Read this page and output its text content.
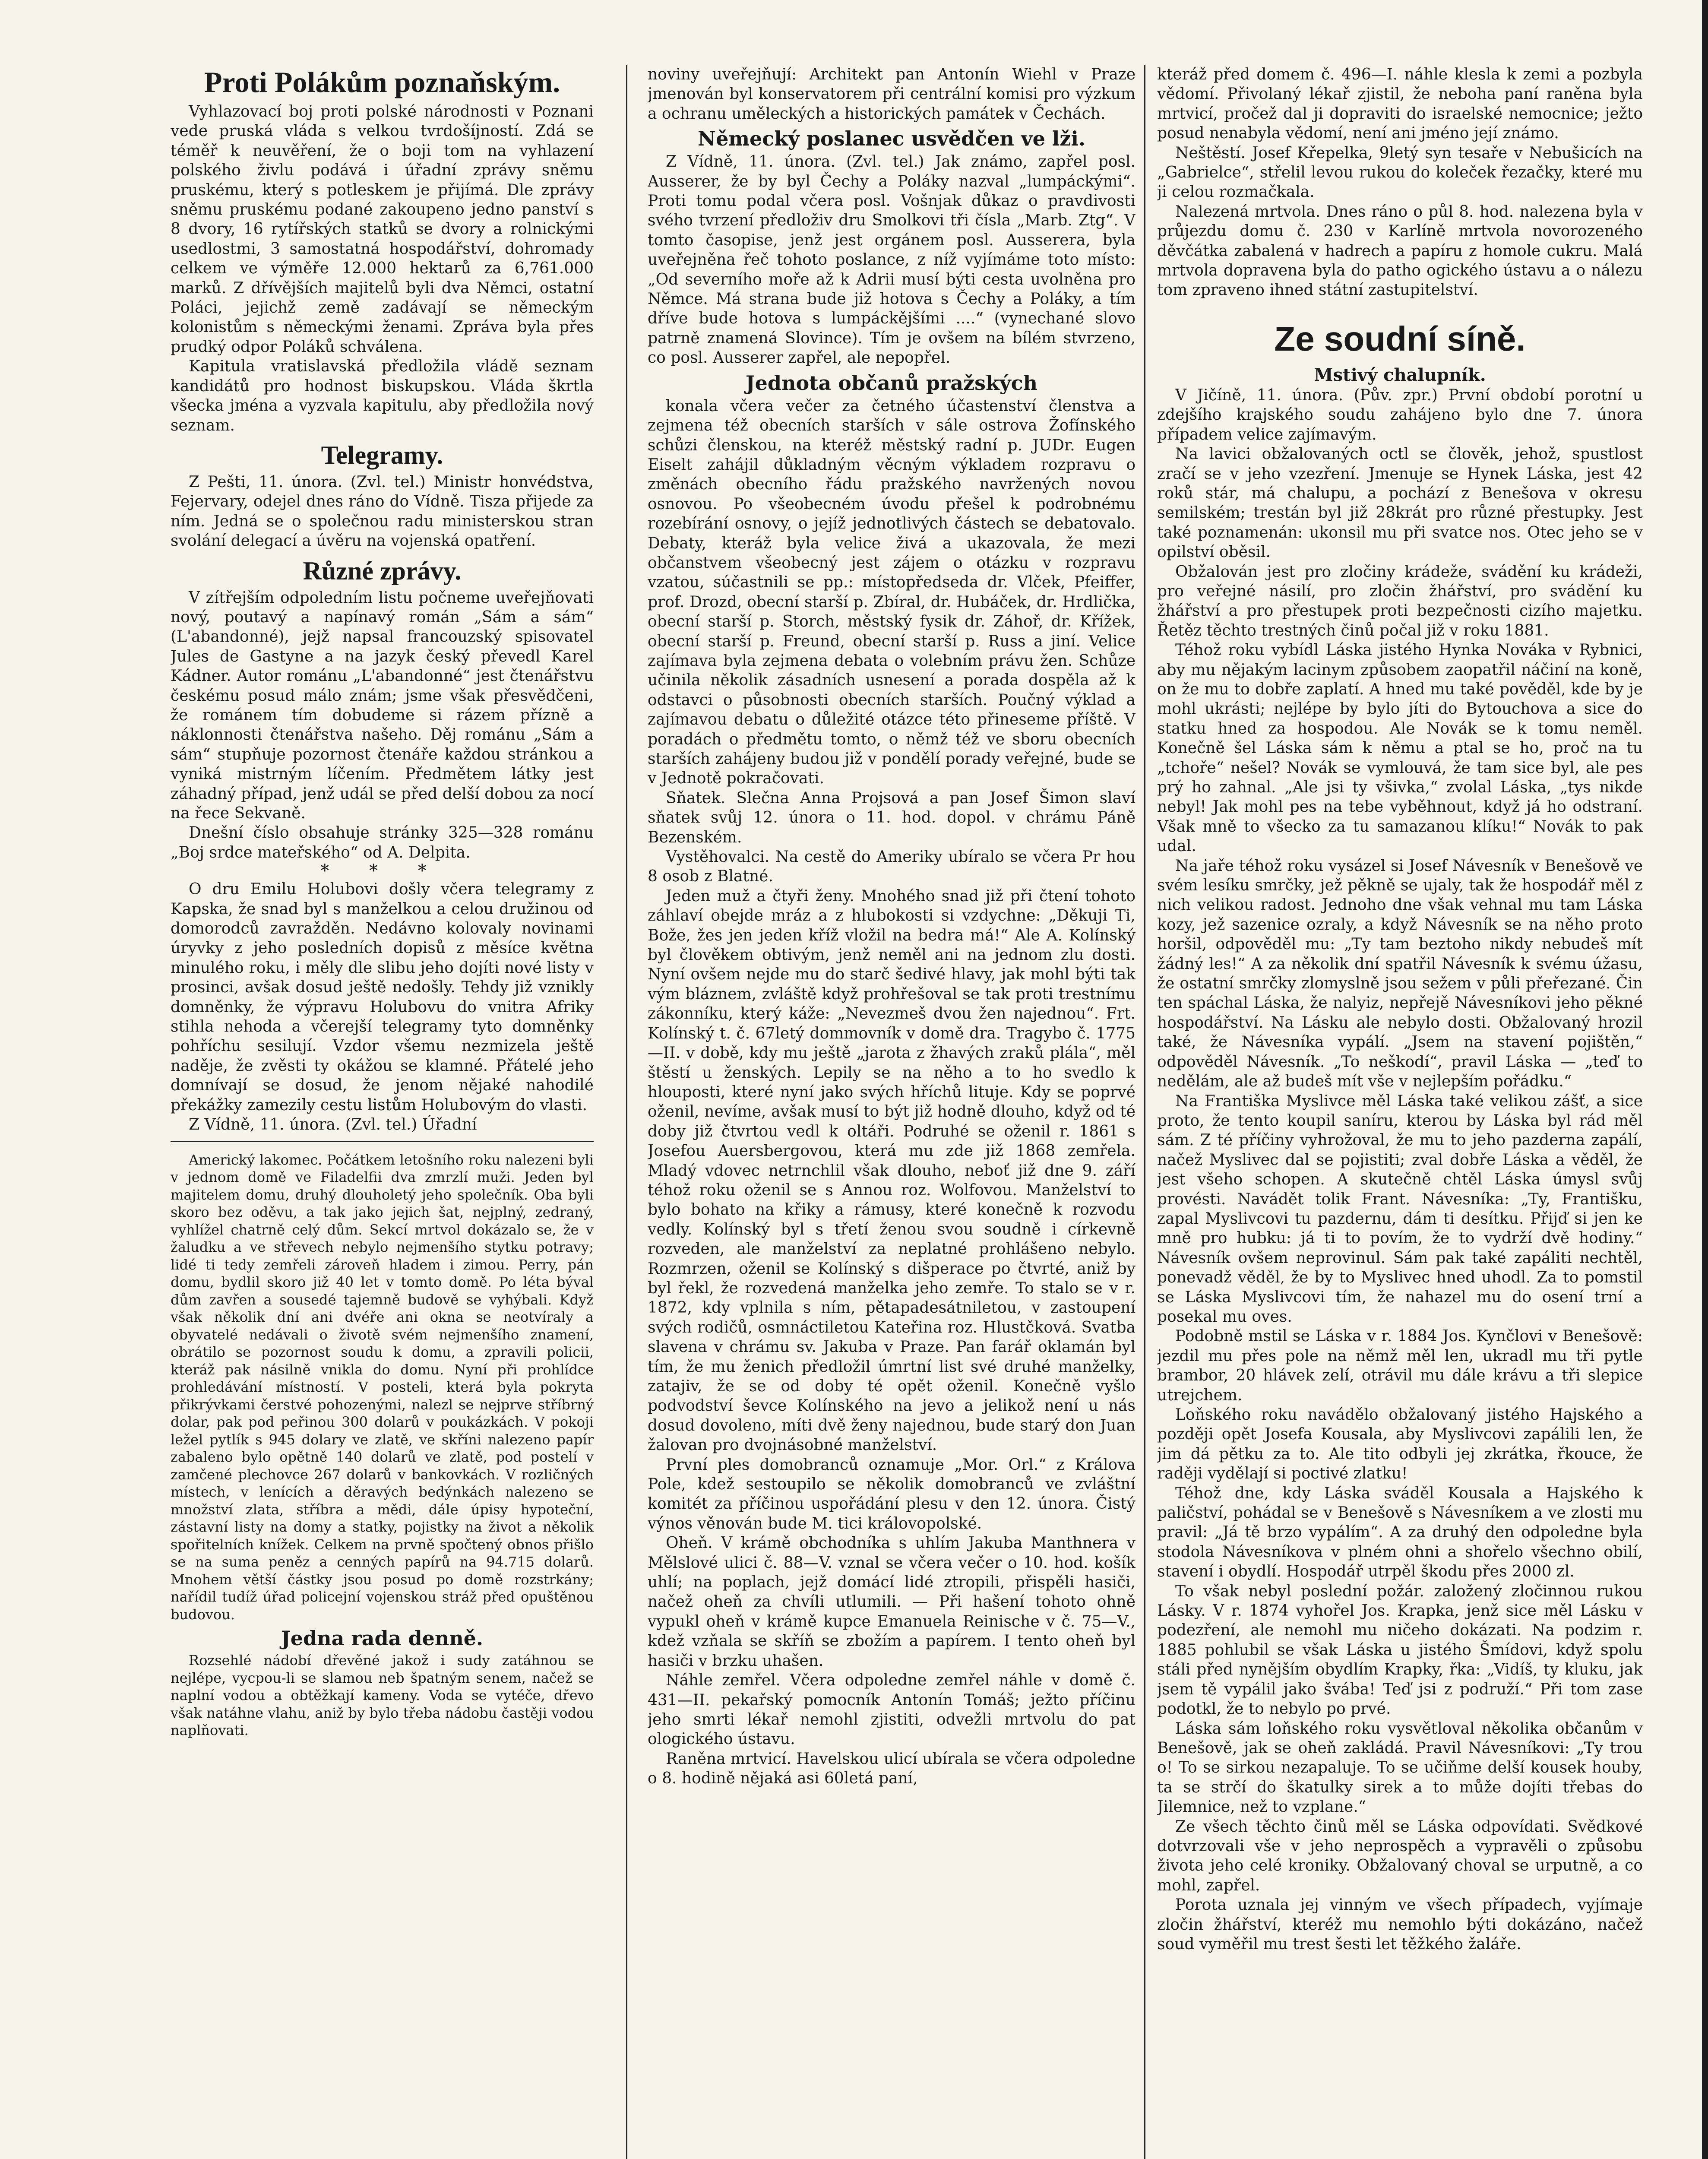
Proti Polákům poznaňským.

Vyhlazovací boj proti polské národnosti v Poznani vede pruská vláda s velkou tvrdošíjností. Zdá se téměř k neuvěření, že o boji tom na vyhlazení polského živlu podává i úřadní zprávy sněmu pruskému, který s potleskem je přijímá. Dle zprávy sněmu pruskému podané zakoupeno jedno panství s 8 dvory, 16 rytířských statků se dvory a rolnickými usedlostmi, 3 samostatná hospodářství, dohromady celkem ve výměře 12.000 hektarů za 6,761.000 marků. Z dřívějších majitelů byli dva Němci, ostatní Poláci, jejichž země zadávají se německým kolonistům s německými ženami. Zpráva byla přes prudký odpor Poláků schválena.

Kapitula vratislavská předložila vládě seznam kandidátů pro hodnost biskupskou. Vláda škrtla všecka jména a vyzvala kapitulu, aby předložila nový seznam.

Telegramy.

Z Pešti, 11. února. (Zvl. tel.) Ministr honvédstva, Fejervary, odejel dnes ráno do Vídně. Tisza přijede za ním. Jedná se o společnou radu ministerskou stran svolání delegací a úvěru na vojenská opatření.

Různé zprávy.

V zítřejším odpoledním listu počneme uveřejňovati nový, poutavý a napínavý román „Sám a sám“ (L'abandonné), jejž napsal francouzský spisovatel Jules de Gastyne a na jazyk český převedl Karel Kádner. Autor románu „L'abandonné“ jest čtenářstvu českému posud málo znám; jsme však přesvědčeni, že románem tím dobudeme si rázem přízně a náklonnosti čtenářstva našeho. Děj románu „Sám a sám“ stupňuje pozornost čtenáře každou stránkou a vyniká mistrným líčením. Předmětem látky jest záhadný případ, jenž udál se před delší dobou za nocí na řece Sekvaně.

Dnešní číslo obsahuje stránky 325—328 románu „Boj srdce mateřského“ od A. Delpita.

* * *

O dru Emilu Holubovi došly včera telegramy z Kapska, že snad byl s manželkou a celou družinou od domorodců zavražděn. Nedávno kolovaly novinami úryvky z jeho posledních dopisů z měsíce května minulého roku, i měly dle slibu jeho dojíti nové listy v prosinci, avšak dosud ještě nedošly. Tehdy již vznikly domněnky, že výpravu Holubovu do vnitra Afriky stihla nehoda a včerejší telegramy tyto domněnky pohříchu sesilují. Vzdor všemu nezmizela ještě naděje, že zvěsti ty okážou se klamné. Přátelé jeho domnívají se dosud, že jenom nějaké nahodilé překážky zamezily cestu listům Holubovým do vlasti.

Z Vídně, 11. února. (Zvl. tel.) Úřadní

Americký lakomec. Počátkem letošního roku nalezeni byli v jednom domě ve Filadelfii dva zmrzlí muži. Jeden byl majitelem domu, druhý dlouholetý jeho společník. Oba byli skoro bez oděvu, a tak jako jejich šat, nejplný, zedraný, vyhlížel chatrně celý dům. Sekcí mrtvol dokázalo se, že v žaludku a ve střevech nebylo nejmenšího stytku potravy; lidé ti tedy zemřeli zároveň hladem i zimou. Perry, pán domu, bydlil skoro již 40 let v tomto domě. Po léta býval dům zavřen a sousedé tajemně budově se vyhýbali. Když však několik dní ani dvéře ani okna se neotvíraly a obyvatelé nedávali o životě svém nejmenšího znamení, obrátilo se pozornost soudu k domu, a zpravili policii, kteráž pak násilně vnikla do domu. Nyní při prohlídce prohledávání místností. V posteli, která byla pokryta přikrývkami čerstvé pohozenými, nalezl se nejprve stříbrný dolar, pak pod peřinou 300 dolarů v poukázkách. V pokoji ležel pytlík s 945 dolary ve zlatě, ve skříni nalezeno papír zabaleno bylo opětně 140 dolarů ve zlatě, pod postelí v zamčené plechovce 267 dolarů v bankovkách. V rozličných místech, v lenících a děravých bedýnkách nalezeno se množství zlata, stříbra a mědi, dále úpisy hypoteční, zástavní listy na domy a statky, pojistky na život a několik spořitelních knížek. Celkem na prvně spočtený obnos přišlo se na suma peněz a cenných papírů na 94.715 dolarů. Mnohem větší částky jsou posud po domě rozstrkány; nařídil tudíž úřad policejní vojenskou stráž před opuštěnou budovou.

Jedna rada denně.

Rozsehlé nádobí dřevěné jakož i sudy zatáhnou se nejlépe, vycpou-li se slamou neb špatným senem, načež se naplní vodou a obtěžkají kameny. Voda se vytéče, dřevo však natáhne vlahu, aniž by bylo třeba nádobu častěji vodou naplňovati.

noviny uveřejňují: Architekt pan Antonín Wiehl v Praze jmenován byl konservatorem při centrální komisi pro výzkum a ochranu uměleckých a historických památek v Čechách.

Německý poslanec usvědčen ve lži.

Z Vídně, 11. února. (Zvl. tel.) Jak známo, zapřel posl. Ausserer, že by byl Čechy a Poláky nazval „lumpáckými“. Proti tomu podal včera posl. Vošnjak důkaz o pravdivosti svého tvrzení předloživ dru Smolkovi tři čísla „Marb. Ztg“. V tomto časopise, jenž jest orgánem posl. Ausserera, byla uveřejněna řeč tohoto poslance, z níž vyjímáme toto místo: „Od severního moře až k Adrii musí býti cesta uvolněna pro Němce. Má strana bude již hotova s Čechy a Poláky, a tím dříve bude hotova s lumpáckějšími ....“ (vynechané slovo patrně znamená Slovince). Tím je ovšem na bílém stvrzeno, co posl. Ausserer zapřel, ale nepopřel.

Jednota občanů pražských

konala včera večer za četného účastenství členstva a zejmena též obecních starších v sále ostrova Žofínského schůzi členskou, na kteréž městský radní p. JUDr. Eugen Eiselt zahájil důkladným věcným výkladem rozpravu o změnách obecního řádu pražského navržených novou osnovou. Po všeobecném úvodu přešel k podrobnému rozebírání osnovy, o jejíž jednotlivých částech se debatovalo. Debaty, kteráž byla velice živá a ukazovala, že mezi občanstvem všeobecný jest zájem o otázku v rozpravu vzatou, súčastnili se pp.: místopředseda dr. Vlček, Pfeiffer, prof. Drozd, obecní starší p. Zbíral, dr. Hubáček, dr. Hrdlička, obecní starší p. Storch, městský fysik dr. Záhoř, dr. Křížek, obecní starší p. Freund, obecní starší p. Russ a jiní. Velice zajímava byla zejmena debata o volebním právu žen. Schůze učinila několik zásadních usnesení a porada dospěla až k odstavci o působnosti obecních starších. Poučný výklad a zajímavou debatu o důležité otázce této přineseme příště. V poradách o předmětu tomto, o němž též ve sboru obecních starších zahájeny budou již v pondělí porady veřejné, bude se v Jednotě pokračovati.

Sňatek. Slečna Anna Projsová a pan Josef Šimon slaví sňatek svůj 12. února o 11. hod. dopol. v chrámu Páně Bezenském.

Vystěhovalci. Na cestě do Ameriky ubíralo se včera Pr hou 8 osob z Blatné.

Jeden muž a čtyři ženy. Mnohého snad již při čtení tohoto záhlaví obejde mráz a z hlubokosti si vzdychne: „Děkuji Ti, Bože, žes jen jeden kříž vložil na bedra má!“ Ale A. Kolínský byl člověkem obtivým, jenž neměl ani na jednom zlu dosti. Nyní ovšem nejde mu do starč šedivé hlavy, jak mohl býti tak vým bláznem, zvláště když prohřešoval se tak proti trestnímu zákonníku, který káže: „Nevezmeš dvou žen najednou“. Frt. Kolínský t. č. 67letý dommovník v domě dra. Tragybo č. 1775—II. v době, kdy mu ještě „jarota z žhavých zraků plála“, měl štěstí u ženských. Lepily se na něho a to ho svedlo k hlouposti, které nyní jako svých hříchů lituje. Kdy se poprvé oženil, nevíme, avšak musí to být již hodně dlouho, když od té doby již čtvrtou vedl k oltáři. Podruhé se oženil r. 1861 s Josefou Auersbergovou, která mu zde již 1868 zemřela. Mladý vdovec netrnchlil však dlouho, neboť již dne 9. září téhož roku oženil se s Annou roz. Wolfovou. Manželství to bylo bohato na křiky a rámusy, které konečně k rozvodu vedly. Kolínský byl s třetí ženou svou soudně i církevně rozveden, ale manželství za neplatné prohlášeno nebylo. Rozmrzen, oženil se Kolínský s dišperace po čtvrté, aniž by byl řekl, že rozvedená manželka jeho zemře. To stalo se v r. 1872, kdy vplnila s ním, pětapadesátniletou, v zastoupení svých rodičů, osmnáctiletou Kateřina roz. Hlustčková. Svatba slavena v chrámu sv. Jakuba v Praze. Pan farář oklamán byl tím, že mu ženich předložil úmrtní list své druhé manželky, zatajiv, že se od doby té opět oženil. Konečně vyšlo podvodství ševce Kolínského na jevo a jelikož není u nás dosud dovoleno, míti dvě ženy najednou, bude starý don Juan žalovan pro dvojnásobné manželství.

První ples domobranců oznamuje „Mor. Orl.“ z Králova Pole, kdež sestoupilo se několik domobranců ve zvláštní komitét za příčinou uspořádání plesu v den 12. února. Čistý výnos věnován bude M. tici královopolské.

Oheň. V krámě obchodníka s uhlím Jakuba Manthnera v Mělslové ulici č. 88—V. vznal se včera večer o 10. hod. košík uhlí; na poplach, jejž domácí lidé ztropili, přispěli hasiči, načež oheň za chvíli utlumili. — Při hašení tohoto ohně vypukl oheň v krámě kupce Emanuela Reinische v č. 75—V., kdež vzňala se skříň se zbožím a papírem. I tento oheň byl hasiči v brzku uhašen.

Náhle zemřel. Včera odpoledne zemřel náhle v domě č. 431—II. pekařský pomocník Antonín Tomáš; ježto příčinu jeho smrti lékař nemohl zjistiti, odvežli mrtvolu do pat ologického ústavu.

Raněna mrtvicí. Havelskou ulicí ubírala se včera odpoledne o 8. hodině nějaká asi 60letá paní,

kteráž před domem č. 496—I. náhle klesla k zemi a pozbyla vědomí. Přivolaný lékař zjistil, že neboha paní raněna byla mrtvicí, pročež dal ji dopraviti do israelské nemocnice; ježto posud nenabyla vědomí, není ani jméno její známo.

Neštěstí. Josef Křepelka, 9letý syn tesaře v Nebušicích na „Gabrielce“, střelil levou rukou do koleček řezačky, které mu ji celou rozmačkala.

Nalezená mrtvola. Dnes ráno o půl 8. hod. nalezena byla v průjezdu domu č. 230 v Karlíně mrtvola novorozeného děvčátka zabalená v hadrech a papíru z homole cukru. Malá mrtvola dopravena byla do patho ogického ústavu a o nálezu tom zpraveno ihned státní zastupitelství.

Ze soudní síně.
Mstivý chalupník.

V Jičíně, 11. února. (Pův. zpr.) První období porotní u zdejšího krajského soudu zahájeno bylo dne 7. února případem velice zajímavým.

Na lavici obžalovaných octl se člověk, jehož, spustlost zračí se v jeho vzezření. Jmenuje se Hynek Láska, jest 42 roků stár, má chalupu, a pochází z Benešova v okresu semilském; trestán byl již 28krát pro různé přestupky. Jest také poznamenán: ukonsil mu při svatce nos. Otec jeho se v opilství oběsil.

Obžalován jest pro zločiny krádeže, svádění ku krádeži, pro veřejné násilí, pro zločin žhářství, pro svádění ku žhářství a pro přestupek proti bezpečnosti cizího majetku. Řetěz těchto trestných činů počal již v roku 1881.

Téhož roku vybídl Láska jistého Hynka Nováka v Rybnici, aby mu nějakým lacinym způsobem zaopatřil náčiní na koně, on že mu to dobře zaplatí. A hned mu také pověděl, kde by je mohl ukrásti; nejlépe by bylo jíti do Bytouchova a sice do statku hned za hospodou. Ale Novák se k tomu neměl. Konečně šel Láska sám k němu a ptal se ho, proč na tu „tchoře“ nešel? Novák se vymlouvá, že tam sice byl, ale pes prý ho zahnal. „Ale jsi ty všivka,“ zvolal Láska, „tys nikde nebyl! Jak mohl pes na tebe vyběhnout, když já ho odstraní. Však mně to všecko za tu samazanou klíku!“ Novák to pak udal.

Na jaře téhož roku vysázel si Josef Návesník v Benešově ve svém lesíku smrčky, jež pěkně se ujaly, tak že hospodář měl z nich velikou radost. Jednoho dne však vehnal mu tam Láska kozy, jež sazenice ozraly, a když Návesník se na něho proto horšil, odpověděl mu: „Ty tam beztoho nikdy nebudeš mít žádný les!“ A za několik dní spatřil Návesník k svému úžasu, že ostatní smrčky zlomyslně jsou sežem v půli přeřezané. Čin ten spáchal Láska, že nalyiz, nepřejě Návesníkovi jeho pěkné hospodářství. Na Lásku ale nebylo dosti. Obžalovaný hrozil také, že Návesníka vypálí. „Jsem na stavení pojištěn,“ odpověděl Návesník. „To neškodí“, pravil Láska — „teď to nedělám, ale až budeš mít vše v nejlepším pořádku.“

Na Františka Myslivce měl Láska také velikou zášť, a sice proto, že tento koupil saníru, kterou by Láska byl rád měl sám. Z té příčiny vyhrožoval, že mu to jeho pazderna zapálí, načež Myslivec dal se pojistiti; zval dobře Láska a věděl, že jest všeho schopen. A skutečně chtěl Láska úmysl svůj provésti. Navádět tolik Frant. Návesníka: „Ty, Františku, zapal Myslivcovi tu pazdernu, dám ti desítku. Přijď si jen ke mně pro hubku: já ti to povím, že to vydrží dvě hodiny.“ Návesník ovšem neprovinul. Sám pak také zapáliti nechtěl, ponevadž věděl, že by to Myslivec hned uhodl. Za to pomstil se Láska Myslivcovi tím, že nahazel mu do osení trní a posekal mu oves.

Podobně mstil se Láska v r. 1884 Jos. Kynčlovi v Benešově: jezdil mu přes pole na němž měl len, ukradl mu tři pytle brambor, 20 hlávek zelí, otrávil mu dále krávu a tři slepice utrejchem.

Loňského roku navádělo obžalovaný jistého Hajského a později opět Josefa Kousala, aby Myslivcovi zapálili len, že jim dá pětku za to. Ale tito odbyli jej zkrátka, řkouce, že raději vydělají si poctivé zlatku!

Téhož dne, kdy Láska sváděl Kousala a Hajského k paličství, pohádal se v Benešově s Návesníkem a ve zlosti mu pravil: „Já tě brzo vypálím“. A za druhý den odpoledne byla stodola Návesníkova v plném ohni a shořelo všechno obilí, stavení i obydlí. Hospodář utrpěl škodu přes 2000 zl.

To však nebyl poslední požár. založený zločinnou rukou Lásky. V r. 1874 vyhořel Jos. Krapka, jenž sice měl Lásku v podezření, ale nemohl mu ničeho dokázati. Na podzim r. 1885 pohlubil se však Láska u jistého Šmídovi, když spolu stáli před nynějším obydlím Krapky, řka: „Vidíš, ty kluku, jak jsem tě vypálil jako švába! Teď jsi z podruží.“ Při tom zase podotkl, že to nebylo po prvé.

Láska sám loňského roku vysvětloval několika občanům v Benešově, jak se oheň zakládá. Pravil Návesníkovi: „Ty trou o! To se sirkou nezapaluje. To se učiňme delší kousek houby, ta se strčí do škatulky sirek a to může dojíti třebas do Jilemnice, než to vzplane.“

Ze všech těchto činů měl se Láska odpovídati. Svědkové dotvrzovali vše v jeho neprospěch a vypravěli o způsobu života jeho celé kroniky. Obžalovaný choval se urputně, a co mohl, zapřel.

Porota uznala jej vinným ve všech případech, vyjímaje zločin žhářství, kteréž mu nemohlo býti dokázáno, načež soud vyměřil mu trest šesti let těžkého žaláře.
